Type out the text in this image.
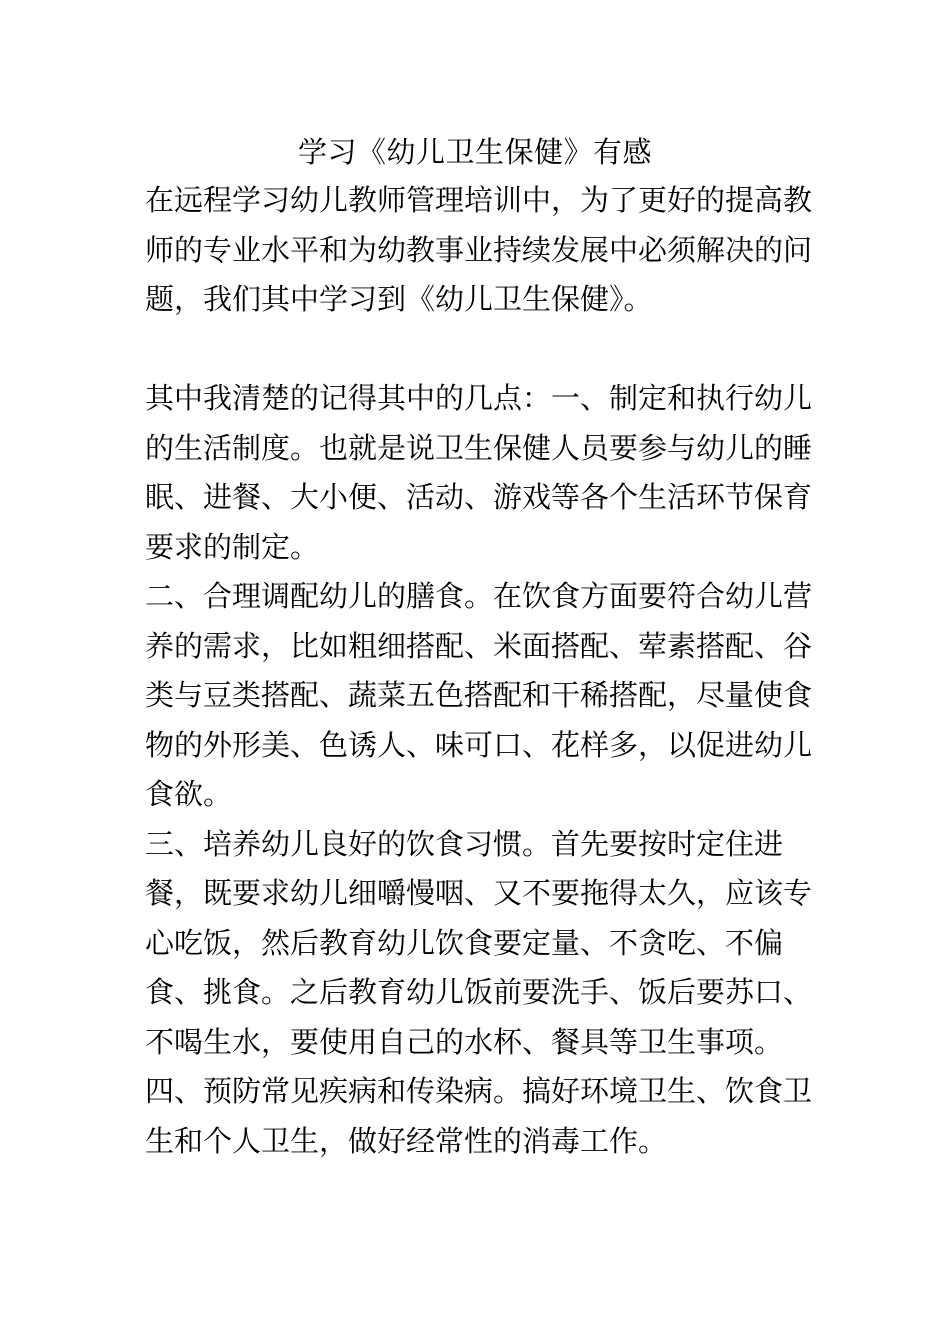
学习《幼儿卫生保健》有感

在远程学习幼儿教师管理培训中，为了更好的提高教师的专业水平和为幼教事业持续发展中必须解决的问题，我们其中学习到《幼儿卫生保健》。

其中我清楚的记得其中的几点：一、制定和执行幼儿的生活制度。也就是说卫生保健人员要参与幼儿的睡眠、进餐、大小便、活动、游戏等各个生活环节保育要求的制定。

二、合理调配幼儿的膳食。在饮食方面要符合幼儿营养的需求，比如粗细搭配、米面搭配、荤素搭配、谷类与豆类搭配、蔬菜五色搭配和干稀搭配，尽量使食物的外形美、色诱人、味可口、花样多，以促进幼儿食欲。

三、培养幼儿良好的饮食习惯。首先要按时定住进餐，既要求幼儿细嚼慢咽、又不要拖得太久，应该专心吃饭，然后教育幼儿饮食要定量、不贪吃、不偏食、挑食。之后教育幼儿饭前要洗手、饭后要苏口、不喝生水，要使用自己的水杯、餐具等卫生事项。

四、预防常见疾病和传染病。搞好环境卫生、饮食卫生和个人卫生，做好经常性的消毒工作。
